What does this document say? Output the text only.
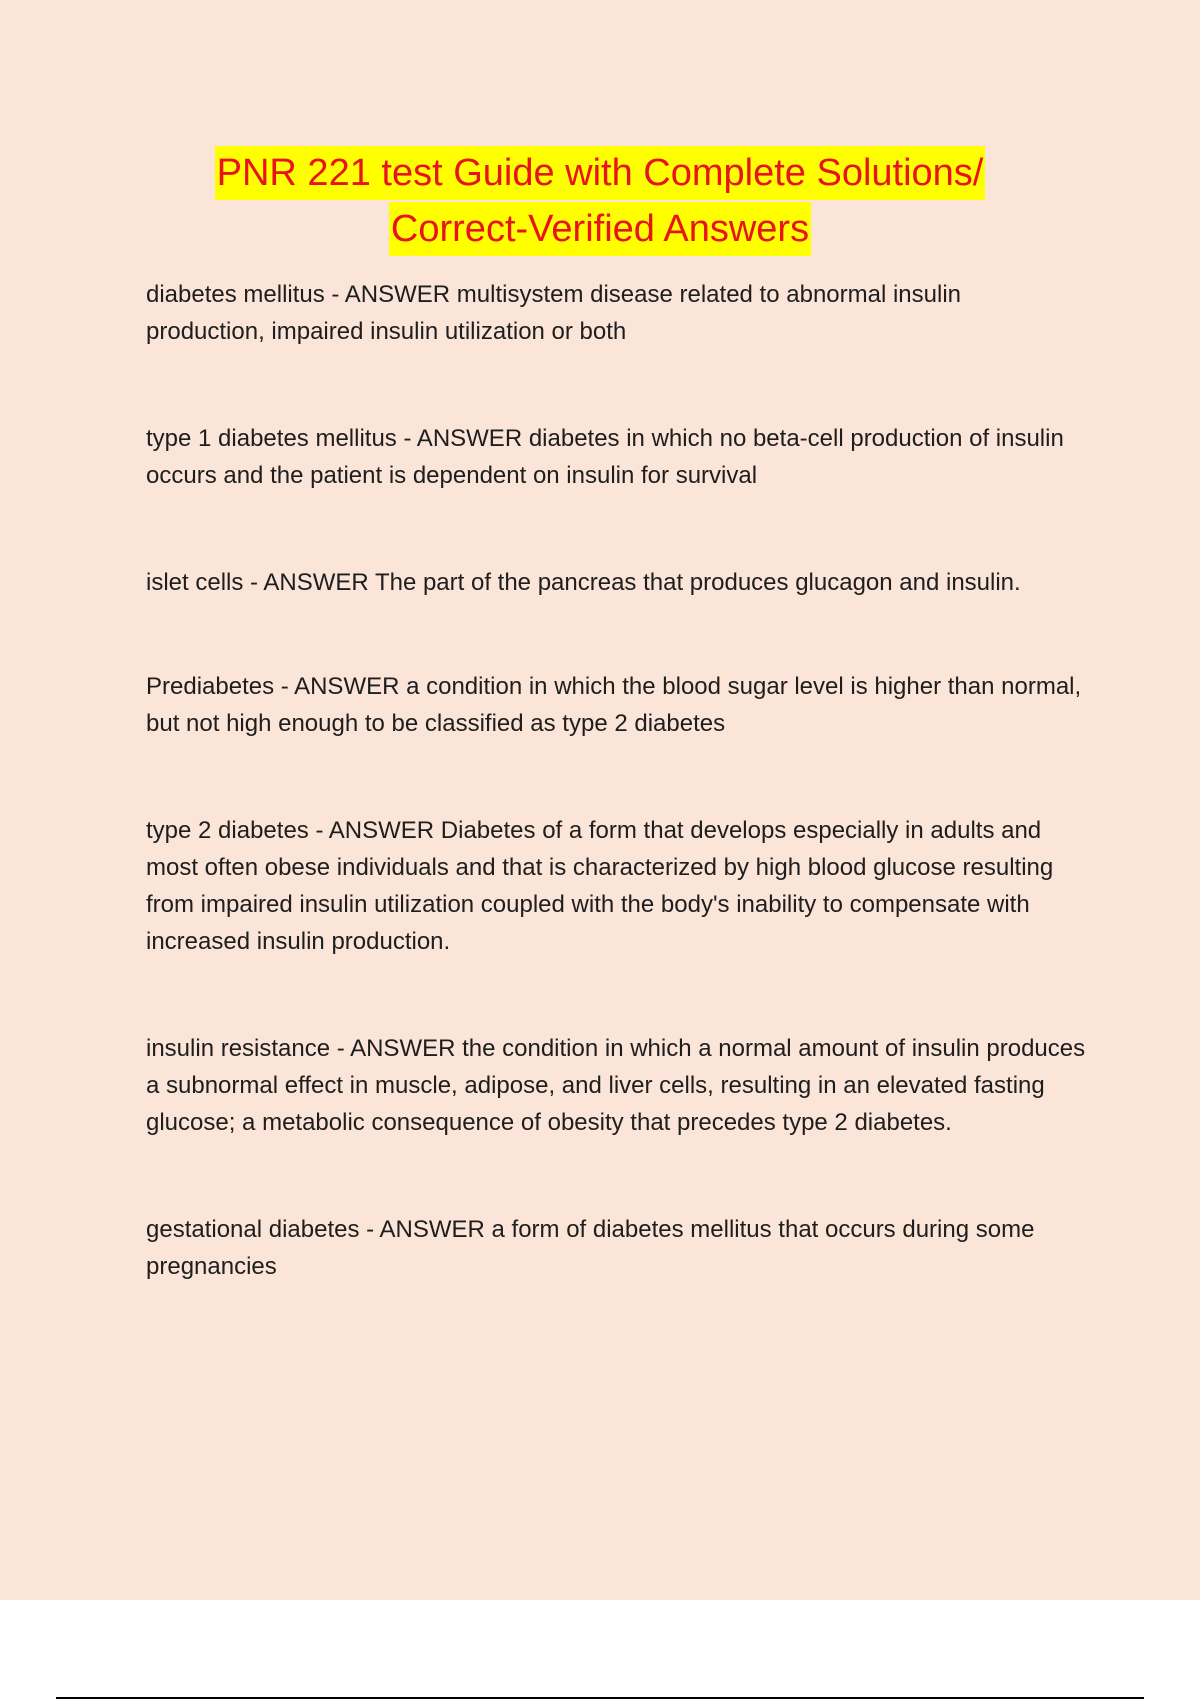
PNR 221 test Guide with Complete Solutions/
Correct-Verified Answers

diabetes mellitus - ANSWER multisystem disease related to abnormal insulin production, impaired insulin utilization or both

type 1 diabetes mellitus - ANSWER diabetes in which no beta-cell production of insulin occurs and the patient is dependent on insulin for survival

islet cells - ANSWER The part of the pancreas that produces glucagon and insulin.

Prediabetes - ANSWER a condition in which the blood sugar level is higher than normal, but not high enough to be classified as type 2 diabetes

type 2 diabetes - ANSWER Diabetes of a form that develops especially in adults and most often obese individuals and that is characterized by high blood glucose resulting from impaired insulin utilization coupled with the body's inability to compensate with increased insulin production.

insulin resistance - ANSWER the condition in which a normal amount of insulin produces a subnormal effect in muscle, adipose, and liver cells, resulting in an elevated fasting glucose; a metabolic consequence of obesity that precedes type 2 diabetes.

gestational diabetes - ANSWER a form of diabetes mellitus that occurs during some pregnancies
